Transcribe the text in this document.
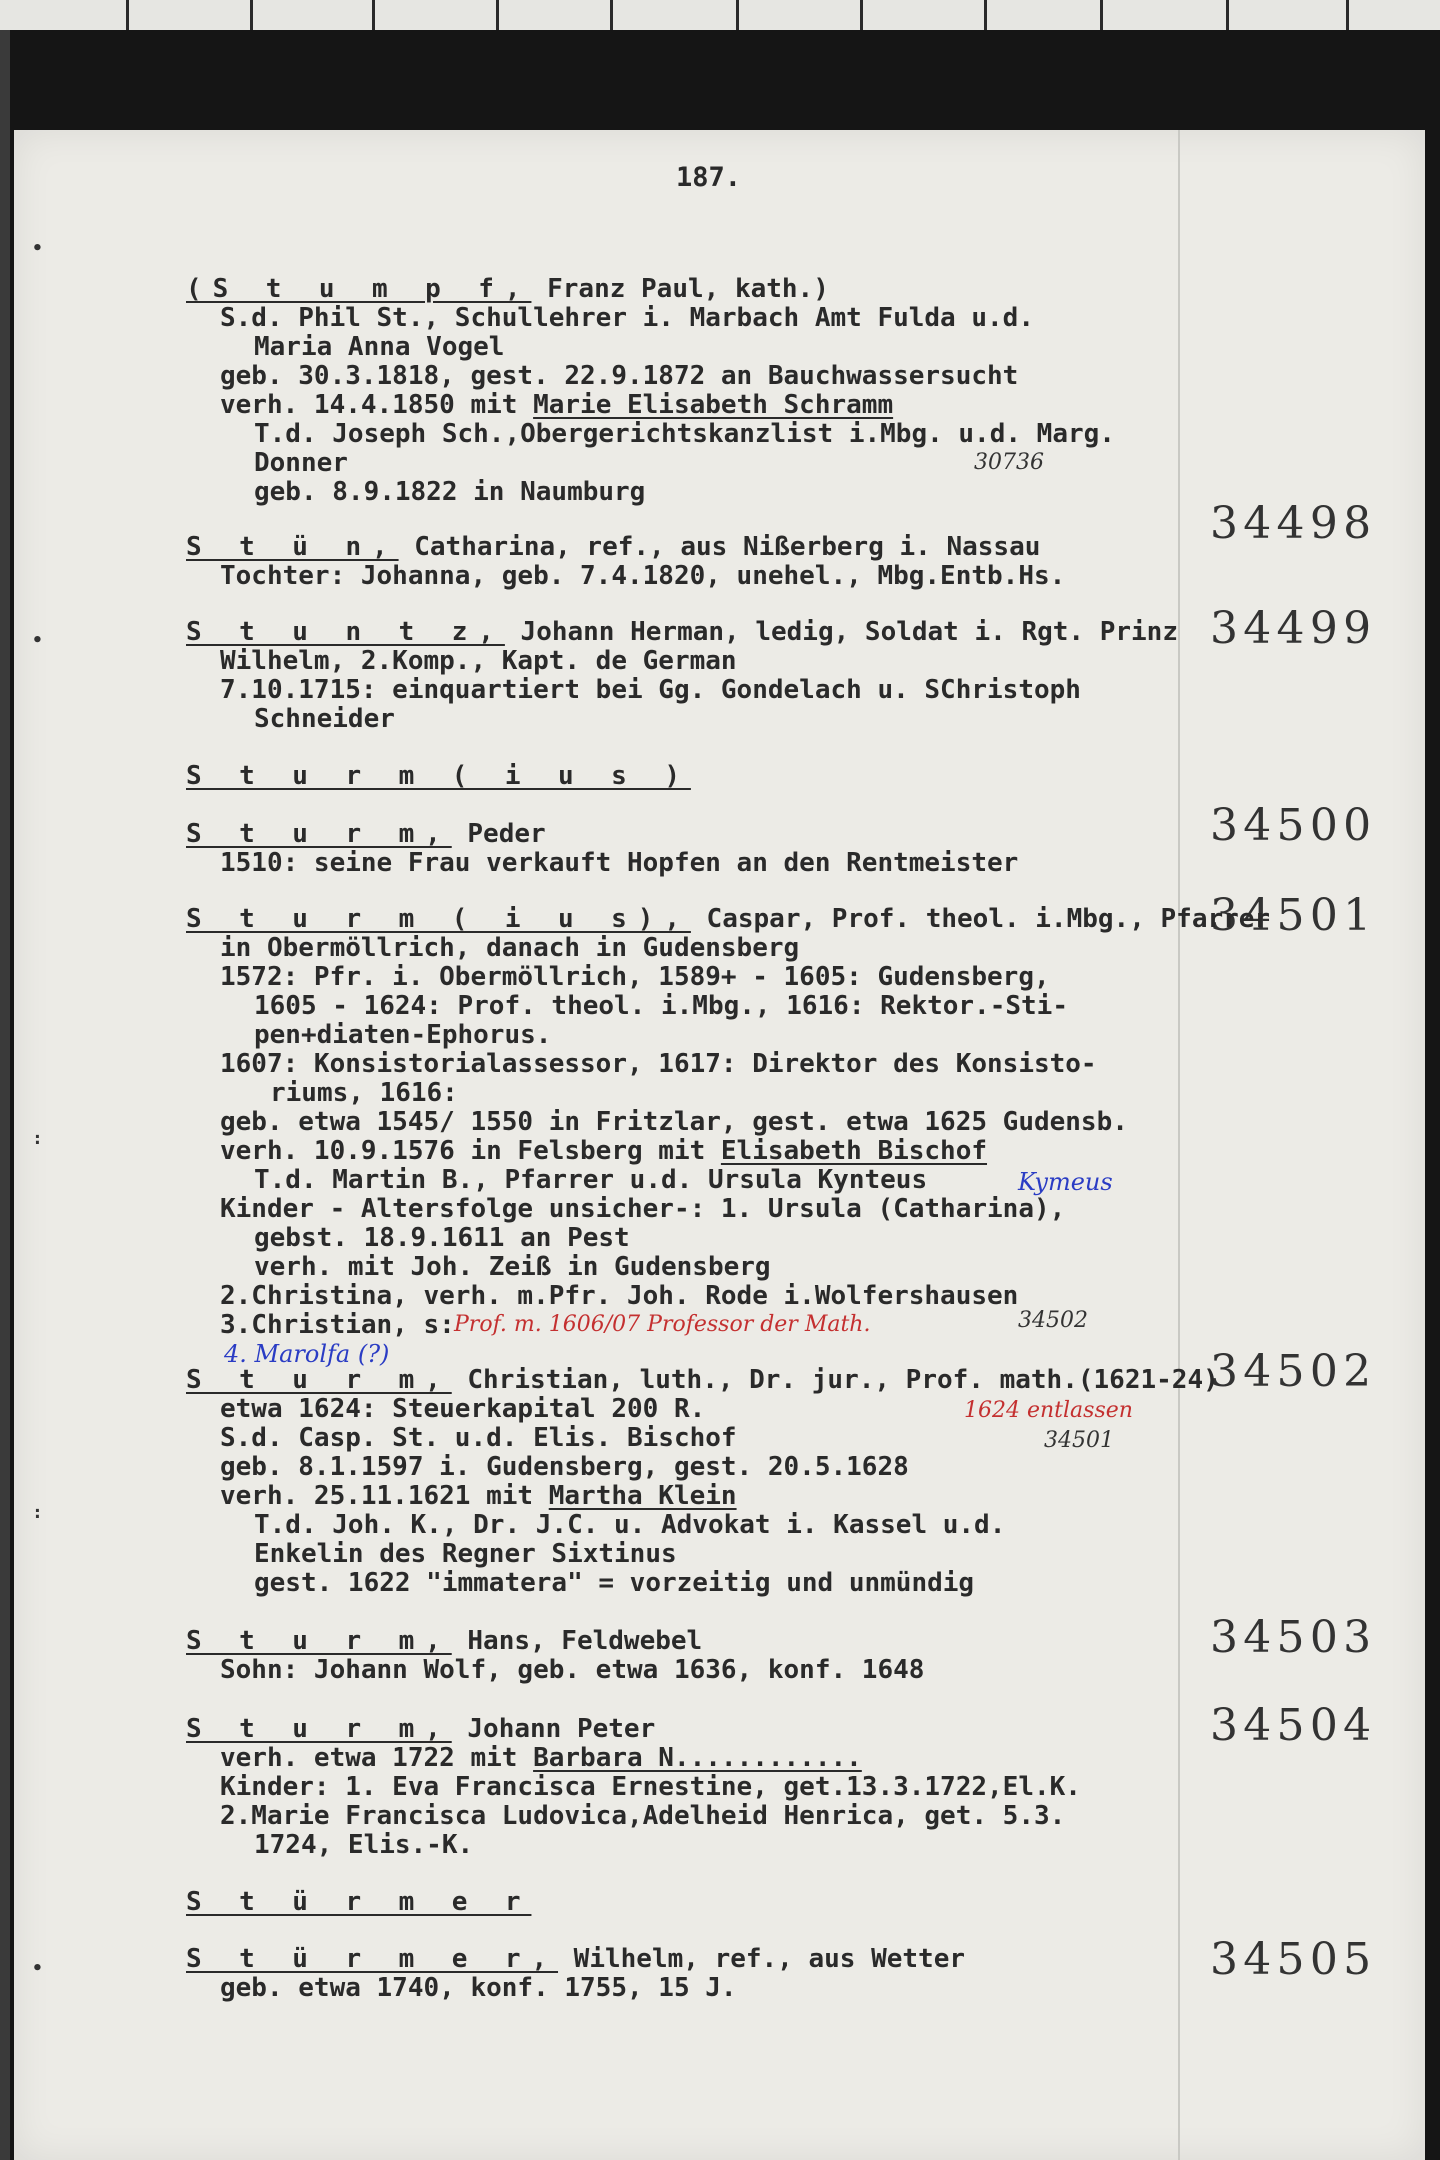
187.
•
•
:
:
•
(S t u m p f, Franz Paul, kath.)
S.d. Phil St., Schullehrer i. Marbach Amt Fulda u.d.
Maria Anna Vogel
geb. 30.3.1818, gest. 22.9.1872 an Bauchwassersucht
verh. 14.4.1850 mit Marie Elisabeth Schramm
T.d. Joseph Sch.,Obergerichtskanzlist i.Mbg. u.d. Marg.
Donner	30736
geb. 8.9.1822 in Naumburg
34498
S t ü n, Catharina, ref., aus Nißerberg i. Nassau
Tochter: Johanna, geb. 7.4.1820, unehel., Mbg.Entb.Hs.
34499
S t u n t z, Johann Herman, ledig, Soldat i. Rgt. Prinz
Wilhelm, 2.Komp., Kapt. de German
7.10.1715: einquartiert bei Gg. Gondelach u. SChristoph
Schneider
S t u r m ( i u s )
34500
S t u r m, Peder
1510: seine Frau verkauft Hopfen an den Rentmeister
34501
S t u r m ( i u s), Caspar, Prof. theol. i.Mbg., Pfarrer
in Obermöllrich, danach in Gudensberg
1572: Pfr. i. Obermöllrich, 1589+ - 1605: Gudensberg,
1605 - 1624: Prof. theol. i.Mbg., 1616: Rektor.-Sti-
pen+diaten-Ephorus.
1607: Konsistorialassessor, 1617: Direktor des Konsisto-
riums, 1616:
geb. etwa 1545/ 1550 in Fritzlar, gest. etwa 1625 Gudensb.
verh. 10.9.1576 in Felsberg mit Elisabeth Bischof
T.d. Martin B., Pfarrer u.d. Ursula Kynteus	Kymeus
Kinder - Altersfolge unsicher-: 1. Ursula (Catharina),
gebst. 18.9.1611 an Pest
verh. mit Joh. Zeiß in Gudensberg
2.Christina, verh. m.Pfr. Joh. Rode i.Wolfershausen
3.Christian, s: Prof. m. 1606/07 Professor der Math.	34502
4. Marolfa (?)	34502
S t u r m, Christian, luth., Dr. jur., Prof. math.(1621-24)
etwa 1624: Steuerkapital 200 R.	1624 entlassen
S.d. Casp. St. u.d. Elis. Bischof	34501
geb. 8.1.1597 i. Gudensberg, gest. 20.5.1628
verh. 25.11.1621 mit Martha Klein
T.d. Joh. K., Dr. J.C. u. Advokat i. Kassel u.d.
Enkelin des Regner Sixtinus
gest. 1622 "immatera" = vorzeitig und unmündig
34503
S t u r m, Hans, Feldwebel
Sohn: Johann Wolf, geb. etwa 1636, konf. 1648
34504
S t u r m, Johann Peter
verh. etwa 1722 mit Barbara N............
Kinder: 1. Eva Francisca Ernestine, get.13.3.1722,El.K.
2.Marie Francisca Ludovica,Adelheid Henrica, get. 5.3.
1724, Elis.-K.
S t ü r m e r
34505
S t ü r m e r, Wilhelm, ref., aus Wetter
geb. etwa 1740, konf. 1755, 15 J.
